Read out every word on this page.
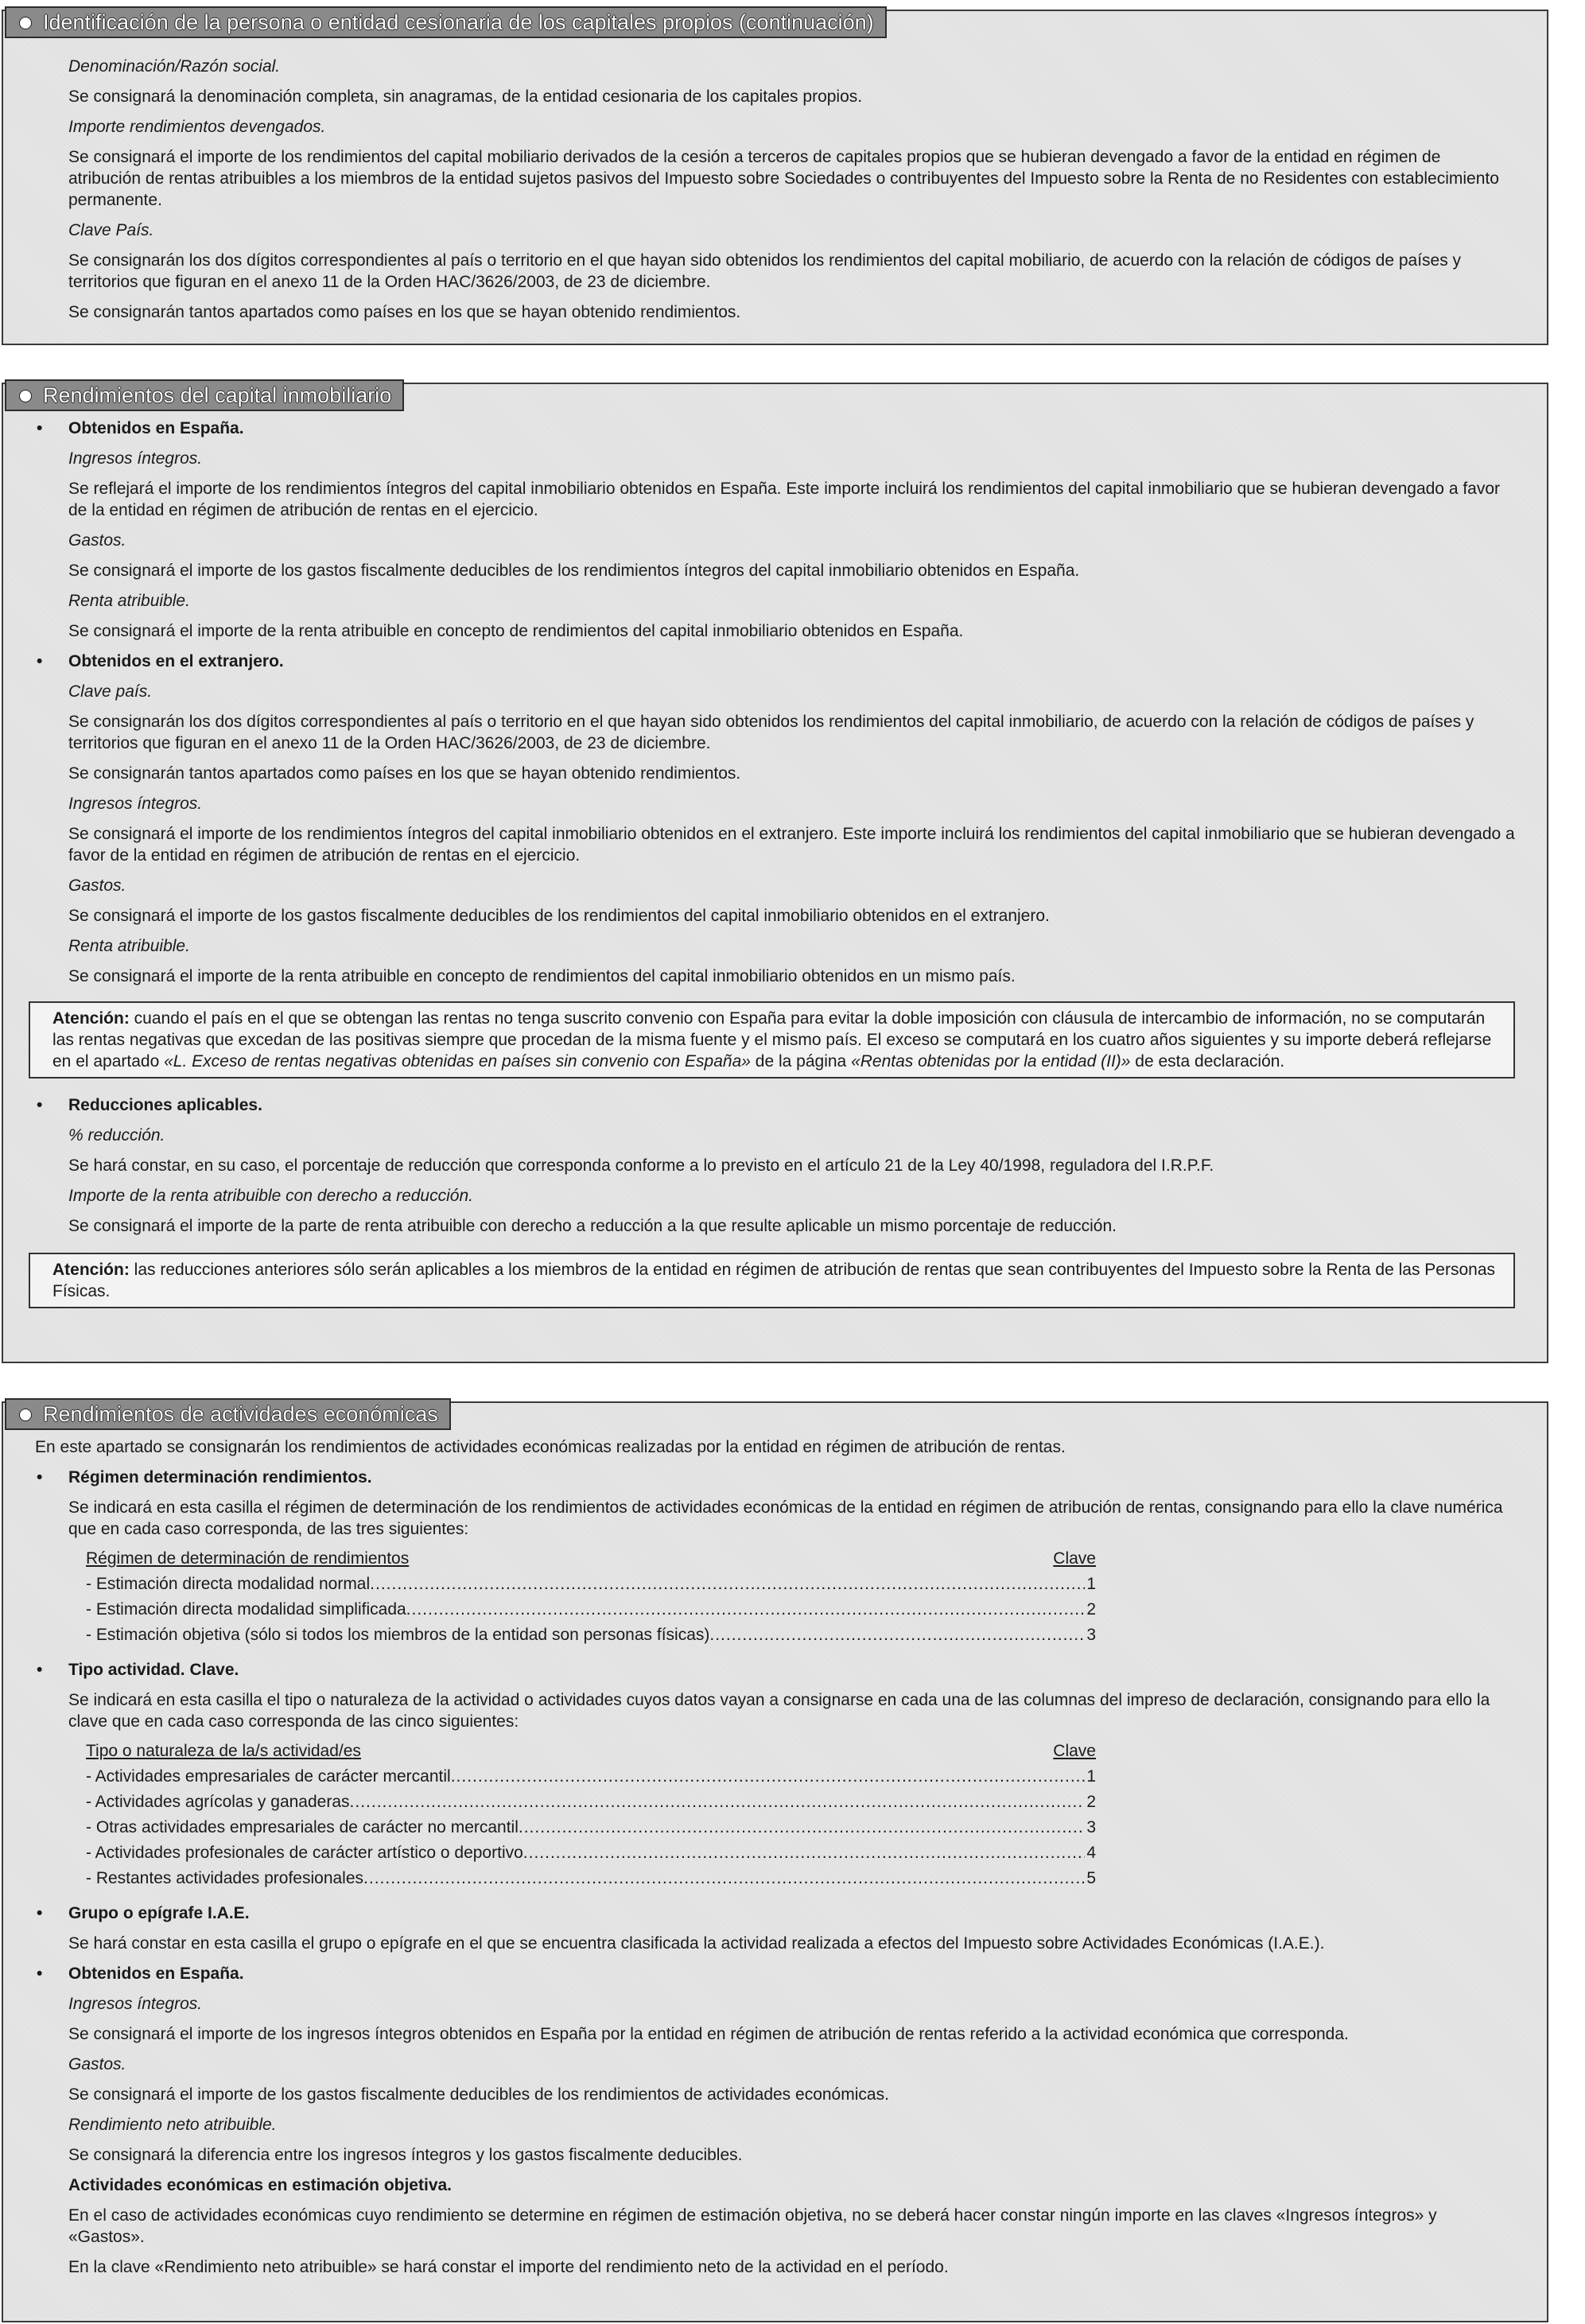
Identificación de la persona o entidad cesionaria de los capitales propios (continuación)

Denominación/Razón social.

Se consignará la denominación completa, sin anagramas, de la entidad cesionaria de los capitales propios.

Importe rendimientos devengados.

Se consignará el importe de los rendimientos del capital mobiliario derivados de la cesión a terceros de capitales propios que se hubieran devengado a favor de la entidad en régimen de atribución de rentas atribuibles a los miembros de la entidad sujetos pasivos del Impuesto sobre Sociedades o contribuyentes del Impuesto sobre la Renta de no Residentes con establecimiento permanente.

Clave País.

Se consignarán los dos dígitos correspondientes al país o territorio en el que hayan sido obtenidos los rendimientos del capital mobiliario, de acuerdo con la relación de códigos de países y territorios que figuran en el anexo 11 de la Orden HAC/3626/2003, de 23 de diciembre.

Se consignarán tantos apartados como países en los que se hayan obtenido rendimientos.

Rendimientos del capital inmobiliario

• Obtenidos en España.

Ingresos íntegros.

Se reflejará el importe de los rendimientos íntegros del capital inmobiliario obtenidos en España. Este importe incluirá los rendimientos del capital inmobiliario que se hubieran devengado a favor de la entidad en régimen de atribución de rentas en el ejercicio.

Gastos.

Se consignará el importe de los gastos fiscalmente deducibles de los rendimientos íntegros del capital inmobiliario obtenidos en España.

Renta atribuible.

Se consignará el importe de la renta atribuible en concepto de rendimientos del capital inmobiliario obtenidos en España.

• Obtenidos en el extranjero.

Clave país.

Se consignarán los dos dígitos correspondientes al país o territorio en el que hayan sido obtenidos los rendimientos del capital inmobiliario, de acuerdo con la relación de códigos de países y territorios que figuran en el anexo 11 de la Orden HAC/3626/2003, de 23 de diciembre.

Se consignarán tantos apartados como países en los que se hayan obtenido rendimientos.

Ingresos íntegros.

Se consignará el importe de los rendimientos íntegros del capital inmobiliario obtenidos en el extranjero. Este importe incluirá los rendimientos del capital inmobiliario que se hubieran devengado a favor de la entidad en régimen de atribución de rentas en el ejercicio.

Gastos.

Se consignará el importe de los gastos fiscalmente deducibles de los rendimientos del capital inmobiliario obtenidos en el extranjero.

Renta atribuible.

Se consignará el importe de la renta atribuible en concepto de rendimientos del capital inmobiliario obtenidos en un mismo país.

Atención: cuando el país en el que se obtengan las rentas no tenga suscrito convenio con España para evitar la doble imposición con cláusula de intercambio de información, no se computarán las rentas negativas que excedan de las positivas siempre que procedan de la misma fuente y el mismo país. El exceso se computará en los cuatro años siguientes y su importe deberá reflejarse en el apartado «L. Exceso de rentas negativas obtenidas en países sin convenio con España» de la página «Rentas obtenidas por la entidad (II)» de esta declaración.

• Reducciones aplicables.

% reducción.

Se hará constar, en su caso, el porcentaje de reducción que corresponda conforme a lo previsto en el artículo 21 de la Ley 40/1998, reguladora del I.R.P.F.

Importe de la renta atribuible con derecho a reducción.

Se consignará el importe de la parte de renta atribuible con derecho a reducción a la que resulte aplicable un mismo porcentaje de reducción.

Atención: las reducciones anteriores sólo serán aplicables a los miembros de la entidad en régimen de atribución de rentas que sean contribuyentes del Impuesto sobre la Renta de las Personas Físicas.
Rendimientos de actividades económicas

En este apartado se consignarán los rendimientos de actividades económicas realizadas por la entidad en régimen de atribución de rentas.

• Régimen determinación rendimientos.

Se indicará en esta casilla el régimen de determinación de los rendimientos de actividades económicas de la entidad en régimen de atribución de rentas, consignando para ello la clave numérica que en cada caso corresponda, de las tres siguientes:

Régimen de determinación de rendimientos	Clave
- Estimación directa modalidad normal .....	1
- Estimación directa modalidad simplificada .....	2
- Estimación objetiva (sólo si todos los miembros de la entidad son personas físicas) .....	3

• Tipo actividad. Clave.

Se indicará en esta casilla el tipo o naturaleza de la actividad o actividades cuyos datos vayan a consignarse en cada una de las columnas del impreso de declaración, consignando para ello la clave que en cada caso corresponda de las cinco siguientes:

Tipo o naturaleza de la/s actividad/es	Clave
- Actividades empresariales de carácter mercantil .....	1
- Actividades agrícolas y ganaderas .....	2
- Otras actividades empresariales de carácter no mercantil .....	3
- Actividades profesionales de carácter artístico o deportivo .....	4
- Restantes actividades profesionales .....	5

• Grupo o epígrafe I.A.E.

Se hará constar en esta casilla el grupo o epígrafe en el que se encuentra clasificada la actividad realizada a efectos del Impuesto sobre Actividades Económicas (I.A.E.).

• Obtenidos en España.

Ingresos íntegros.

Se consignará el importe de los ingresos íntegros obtenidos en España por la entidad en régimen de atribución de rentas referido a la actividad económica que corresponda.

Gastos.

Se consignará el importe de los gastos fiscalmente deducibles de los rendimientos de actividades económicas.

Rendimiento neto atribuible.

Se consignará la diferencia entre los ingresos íntegros y los gastos fiscalmente deducibles.

Actividades económicas en estimación objetiva.

En el caso de actividades económicas cuyo rendimiento se determine en régimen de estimación objetiva, no se deberá hacer constar ningún importe en las claves «Ingresos íntegros» y «Gastos».

En la clave «Rendimiento neto atribuible» se hará constar el importe del rendimiento neto de la actividad en el período.
